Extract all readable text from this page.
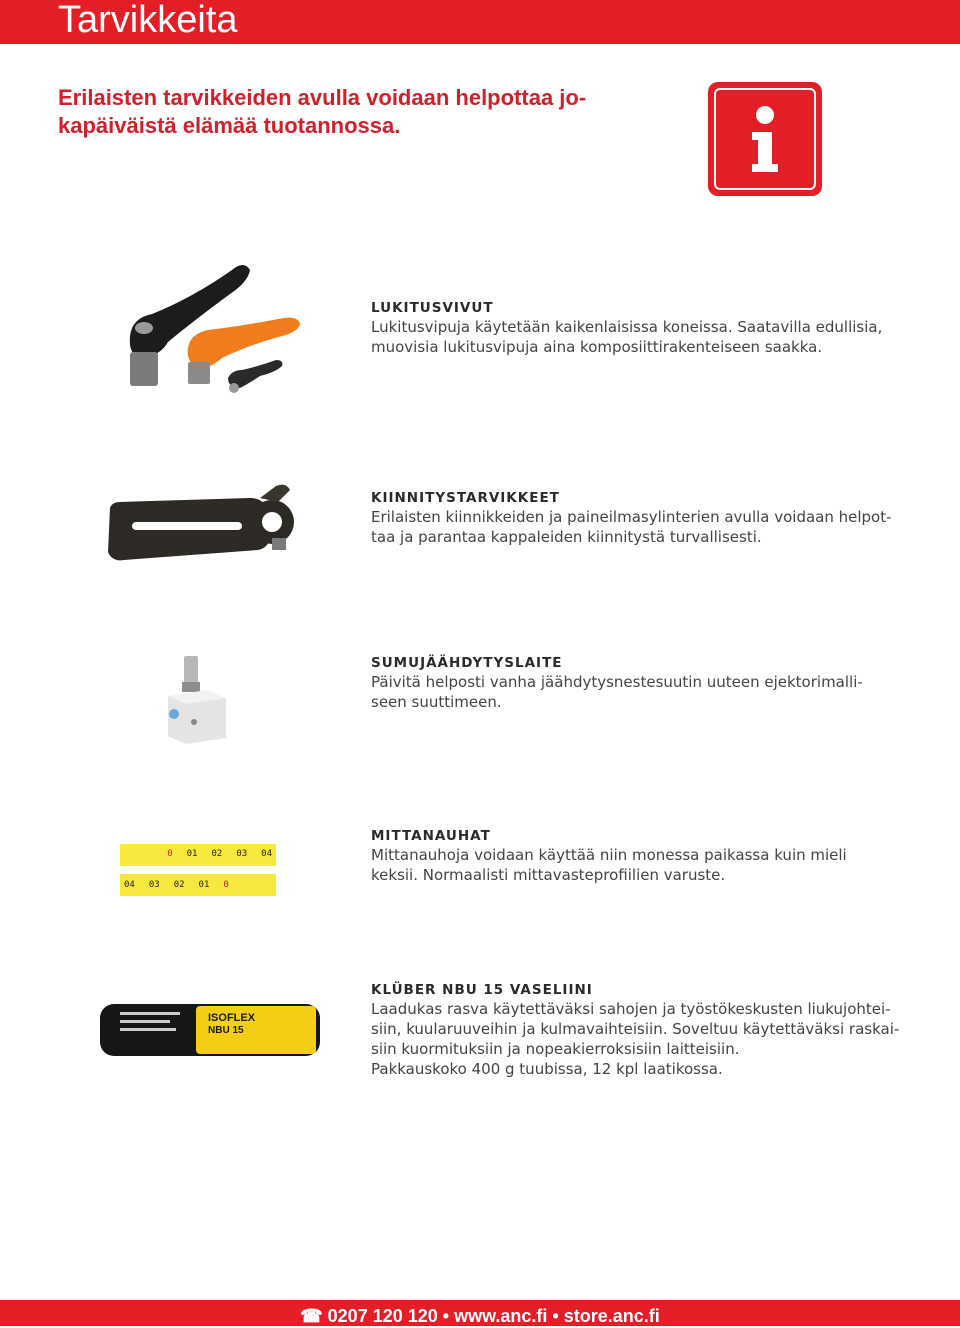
Tarvikkeita
Erilaisten tarvikkeiden avulla voidaan helpottaa jo-
kapäiväistä elämää tuotannossa.
LUKITUSVIVUT
Lukitusvipuja käytetään kaikenlaisissa koneissa. Saatavilla edullisia,
muovisia lukitusvipuja aina komposiittirakenteiseen saakka.
KIINNITYSTARVIKKEET
Erilaisten kiinnikkeiden ja paineilmasylinterien avulla voidaan helpot-
taa ja parantaa kappaleiden kiinnitystä turvallisesti.
SUMUJÄÄHDYTYSLAITE
Päivitä helposti vanha jäähdytysnestesuutin uuteen ejektorimalli-
seen suuttimeen.
0 01 02 03 04
04 03 02 01 0
MITTANAUHAT
Mittanauhoja voidaan käyttää niin monessa paikassa kuin mieli
keksii. Normaalisti mittavasteprofiilien varuste.
ISOFLEX
NBU 15
KLÜBER NBU 15 VASELIINI
Laadukas rasva käytettäväksi sahojen ja työstökeskusten liukujohtei-
siin, kuularuuveihin ja kulmavaihteisiin. Soveltuu käytettäväksi raskai-
siin kuormituksiin ja nopeakierroksisiin laitteisiin.
Pakkauskoko 400 g tuubissa, 12 kpl laatikossa.
☎ 0207 120 120 • www.anc.fi • store.anc.fi
